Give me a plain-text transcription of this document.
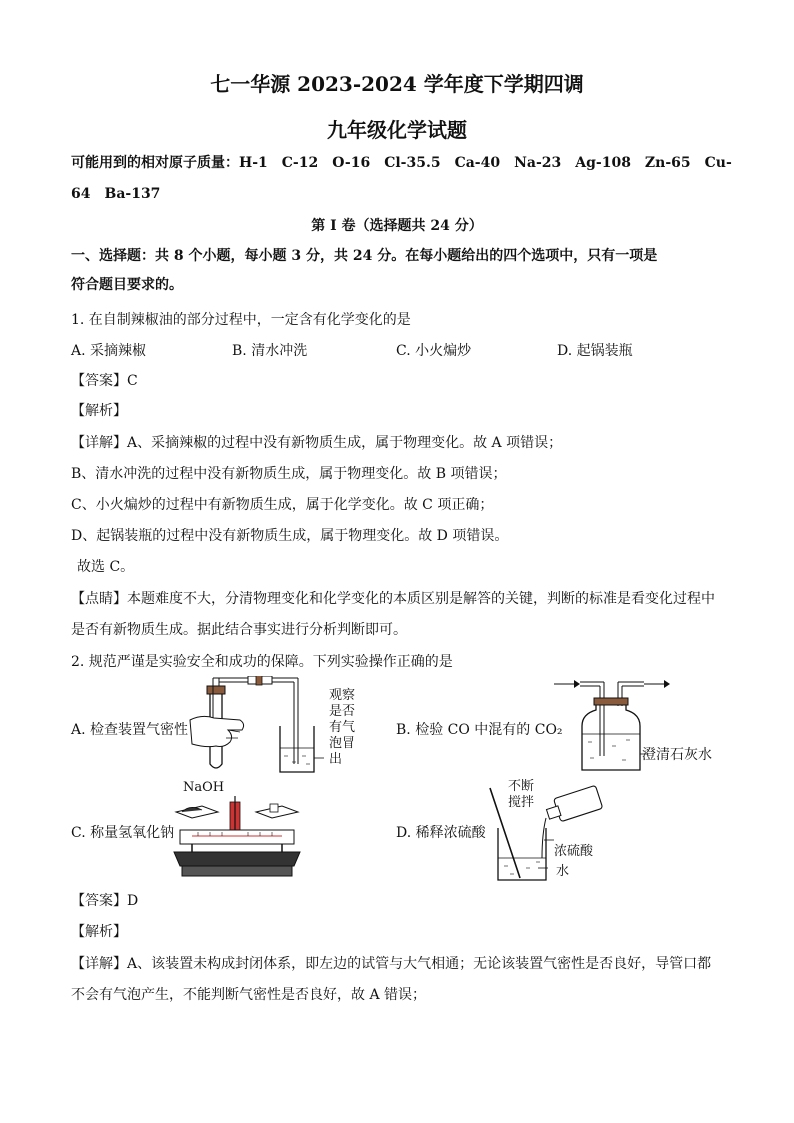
七一华源 2023-2024 学年度下学期四调
九年级化学试题
可能用到的相对原子质量：H-1　C-12　O-16　Cl-35.5　Ca-40　Na-23　Ag-108　Zn-65　Cu-
64　Ba-137
第 I 卷（选择题共 24 分）
一、选择题：共 8 个小题，每小题 3 分，共 24 分。在每小题给出的四个选项中，只有一项是
符合题目要求的。
1. 在自制辣椒油的部分过程中，一定含有化学变化的是
A. 采摘辣椒	B. 清水冲洗	C. 小火煸炒	D. 起锅装瓶
【答案】C
【解析】
【详解】A、采摘辣椒的过程中没有新物质生成，属于物理变化。故 A 项错误；
B、清水冲洗的过程中没有新物质生成，属于物理变化。故 B 项错误；
C、小火煸炒的过程中有新物质生成，属于化学变化。故 C 项正确；
D、起锅装瓶的过程中没有新物质生成，属于物理变化。故 D 项错误。
故选 C。
【点睛】本题难度不大，分清物理变化和化学变化的本质区别是解答的关键，判断的标准是看变化过程中
是否有新物质生成。据此结合事实进行分析判断即可。
2. 规范严谨是实验安全和成功的保障。下列实验操作正确的是
A. 检查装置气密性	B. 检验 CO 中混有的 CO₂
C. 称量氢氧化钠	D. 稀释浓硫酸
观察
是否
有气
泡冒
出	澄清石灰水
NaOH	不断
搅拌
浓硫酸
水
【答案】D
【解析】
【详解】A、该装置未构成封闭体系，即左边的试管与大气相通；无论该装置气密性是否良好，导管口都
不会有气泡产生，不能判断气密性是否良好，故 A 错误；
